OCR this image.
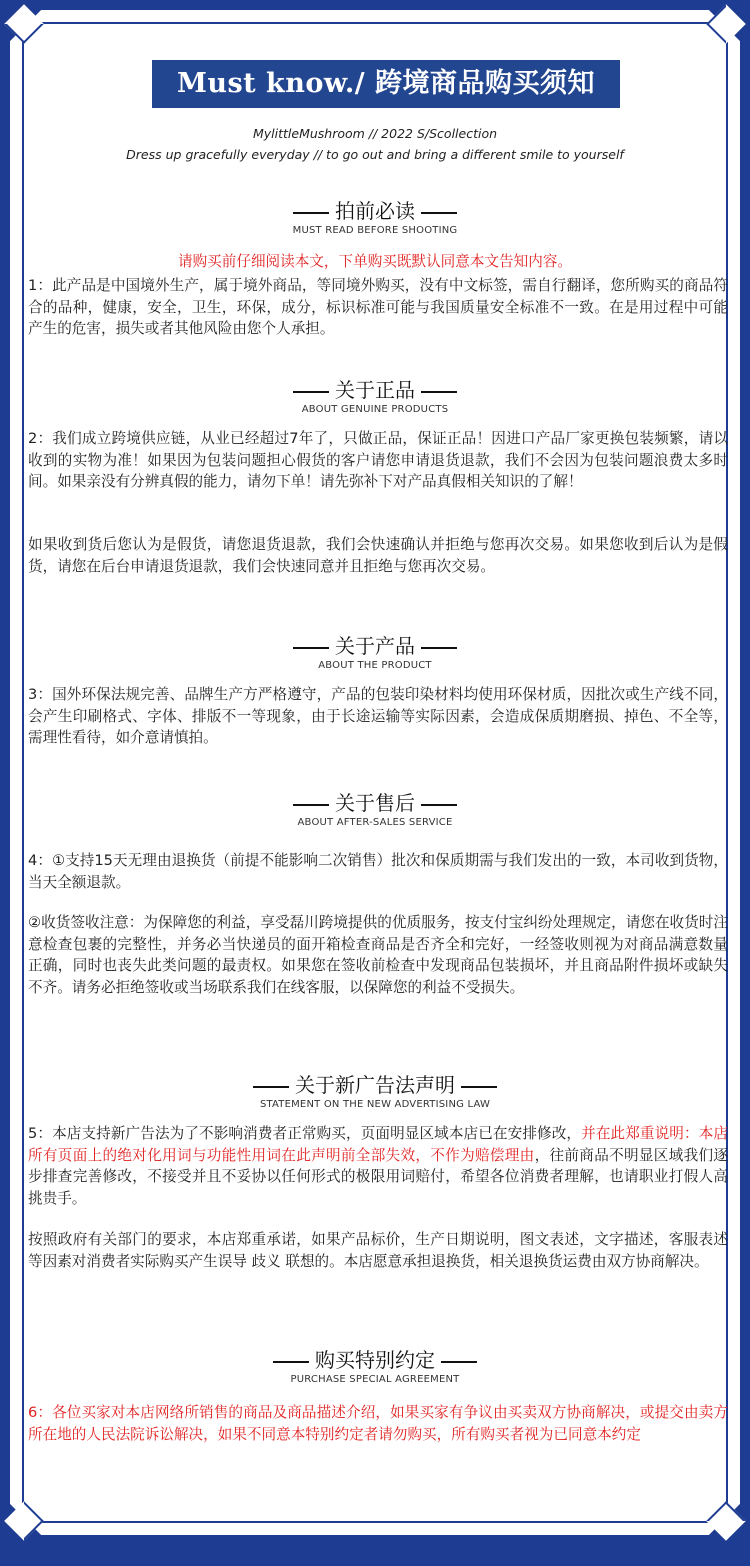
Must know./ 跨境商品购买须知
MylittleMushroom // 2022 S/Scollection
Dress up gracefully everyday // to go out and bring a different smile to yourself
拍前必读
MUST READ BEFORE SHOOTING
请购买前仔细阅读本文，下单购买既默认同意本文告知内容。
1：此产品是中国境外生产，属于境外商品，等同境外购买，没有中文标签，需自行翻译，您所购买的商品符合的品种，健康，安全，卫生，环保，成分，标识标准可能与我国质量安全标准不一致。在是用过程中可能产生的危害，损失或者其他风险由您个人承担。
关于正品
ABOUT GENUINE PRODUCTS
2：我们成立跨境供应链，从业已经超过7年了，只做正品，保证正品！因进口产品厂家更换包装频繁，请以收到的实物为准！如果因为包装问题担心假货的客户请您申请退货退款，我们不会因为包装问题浪费太多时间。如果亲没有分辨真假的能力，请勿下单！请先弥补下对产品真假相关知识的了解！
如果收到货后您认为是假货，请您退货退款，我们会快速确认并拒绝与您再次交易。如果您收到后认为是假货，请您在后台申请退货退款，我们会快速同意并且拒绝与您再次交易。
关于产品
ABOUT THE PRODUCT
3：国外环保法规完善、品牌生产方严格遵守，产品的包装印染材料均使用环保材质，因批次或生产线不同，会产生印刷格式、字体、排版不一等现象，由于长途运输等实际因素，会造成保质期磨损、掉色、不全等，需理性看待，如介意请慎拍。
关于售后
ABOUT AFTER-SALES SERVICE
4：①支持15天无理由退换货（前提不能影响二次销售）批次和保质期需与我们发出的一致，本司收到货物，当天全额退款。
②收货签收注意：为保障您的利益，享受磊川跨境提供的优质服务，按支付宝纠纷处理规定，请您在收货时注意检查包裹的完整性，并务必当快递员的面开箱检查商品是否齐全和完好，一经签收则视为对商品满意数量正确，同时也丧失此类问题的最责权。如果您在签收前检查中发现商品包装损坏，并且商品附件损坏或缺失不齐。请务必拒绝签收或当场联系我们在线客服，以保障您的利益不受损失。
关于新广告法声明
STATEMENT ON THE NEW ADVERTISING LAW
5：本店支持新广告法为了不影响消费者正常购买，页面明显区域本店已在安排修改，并在此郑重说明：本店所有页面上的绝对化用词与功能性用词在此声明前全部失效，不作为赔偿理由，往前商品不明显区域我们逐步排查完善修改，不接受并且不妥协以任何形式的极限用词赔付，希望各位消费者理解，也请职业打假人高挑贵手。
按照政府有关部门的要求，本店郑重承诺，如果产品标价，生产日期说明，图文表述，文字描述，客服表述等因素对消费者实际购买产生误导 歧义 联想的。本店愿意承担退换货，相关退换货运费由双方协商解决。
购买特别约定
PURCHASE SPECIAL AGREEMENT
6：各位买家对本店网络所销售的商品及商品描述介绍，如果买家有争议由买卖双方协商解决，或提交由卖方所在地的人民法院诉讼解决，如果不同意本特别约定者请勿购买，所有购买者视为已同意本约定
